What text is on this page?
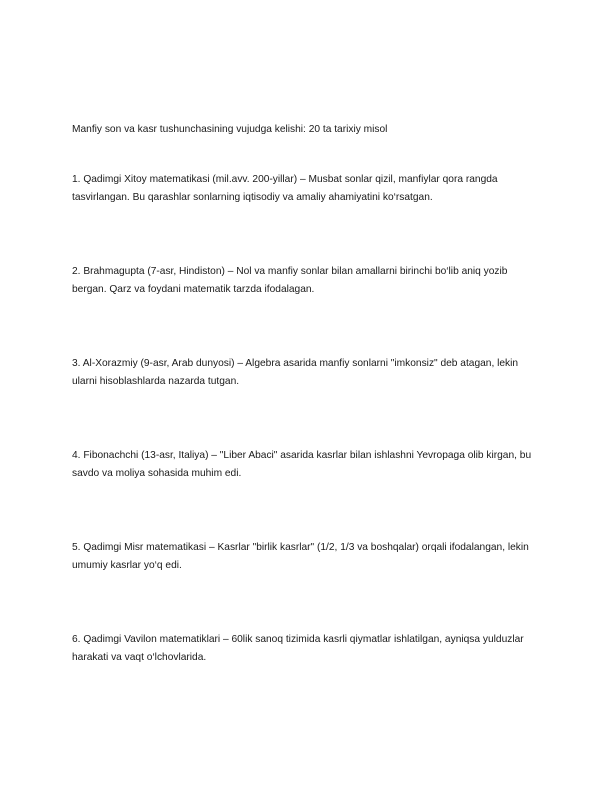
Manfiy son va kasr tushunchasining vujudga kelishi: 20 ta tarixiy misol

1. Qadimgi Xitoy matematikasi (mil.avv. 200-yillar) – Musbat sonlar qizil, manfiylar qora rangda tasvirlangan. Bu qarashlar sonlarning iqtisodiy va amaliy ahamiyatini ko‘rsatgan.

2. Brahmagupta (7-asr, Hindiston) – Nol va manfiy sonlar bilan amallarni birinchi bo‘lib aniq yozib bergan. Qarz va foydani matematik tarzda ifodalagan.

3. Al-Xorazmiy (9-asr, Arab dunyosi) – Algebra asarida manfiy sonlarni "imkonsiz" deb atagan, lekin ularni hisoblashlarda nazarda tutgan.

4. Fibonachchi (13-asr, Italiya) – "Liber Abaci" asarida kasrlar bilan ishlashni Yevropaga olib kirgan, bu savdo va moliya sohasida muhim edi.

5. Qadimgi Misr matematikasi – Kasrlar "birlik kasrlar" (1/2, 1/3 va boshqalar) orqali ifodalangan, lekin umumiy kasrlar yo‘q edi.

6. Qadimgi Vavilon matematiklari – 60lik sanoq tizimida kasrli qiymatlar ishlatilgan, ayniqsa yulduzlar harakati va vaqt o‘lchovlarida.
